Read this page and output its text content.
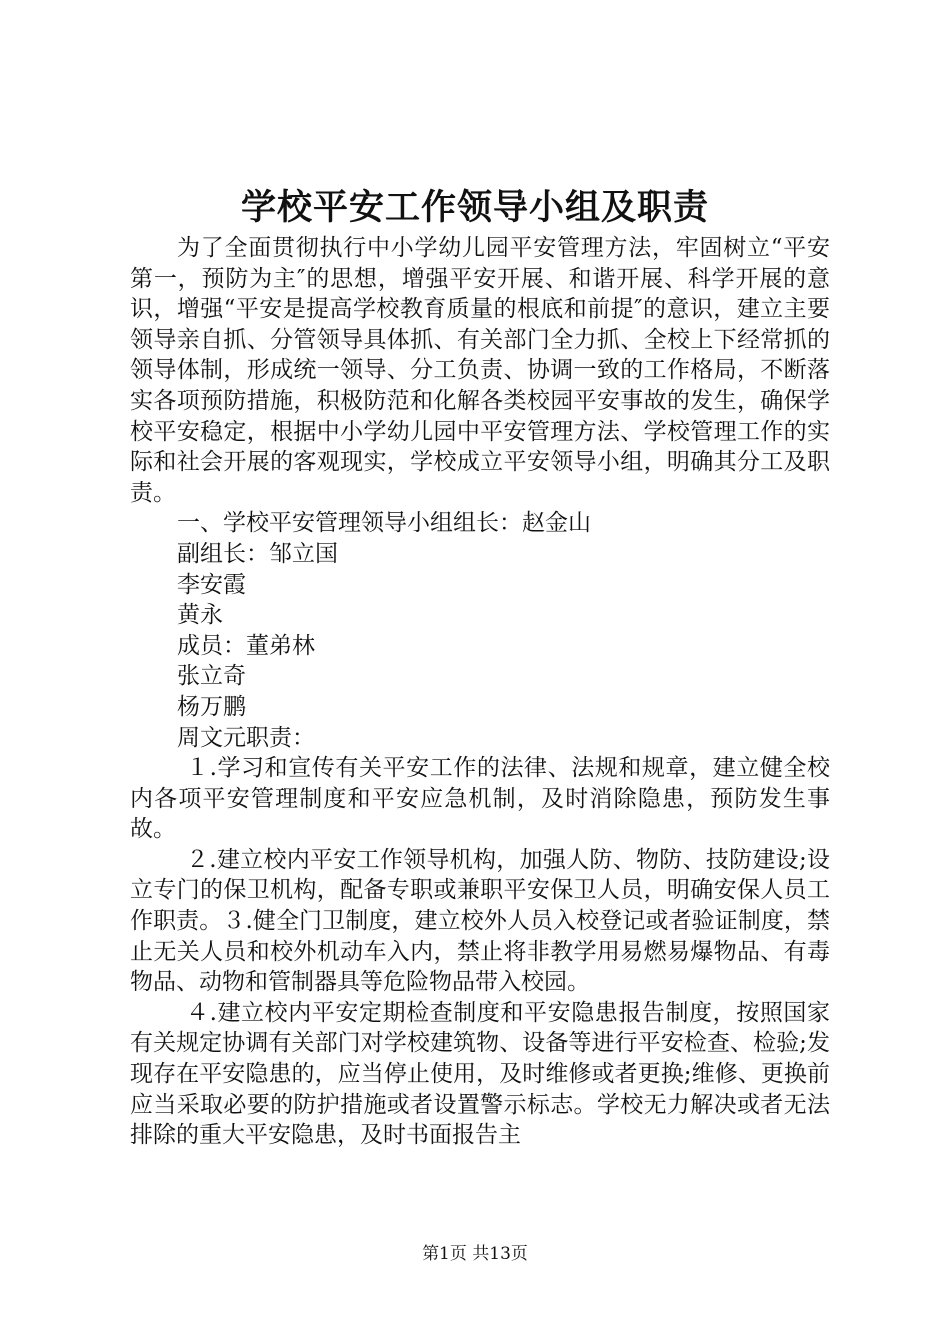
学校平安工作领导小组及职责

为了全面贯彻执行中小学幼儿园平安管理方法，牢固树立“平安第一，预防为主″的思想，增强平安开展、和谐开展、科学开展的意识，增强“平安是提高学校教育质量的根底和前提″的意识，建立主要领导亲自抓、分管领导具体抓、有关部门全力抓、全校上下经常抓的领导体制，形成统一领导、分工负责、协调一致的工作格局，不断落实各项预防措施，积极防范和化解各类校园平安事故的发生，确保学校平安稳定，根据中小学幼儿园中平安管理方法、学校管理工作的实际和社会开展的客观现实，学校成立平安领导小组，明确其分工及职责。

一、学校平安管理领导小组组长：赵金山

副组长：邹立国

李安霞

黄永

成员：董弟林

张立奇

杨万鹏

周文元职责：

１.学习和宣传有关平安工作的法律、法规和规章，建立健全校内各项平安管理制度和平安应急机制，及时消除隐患，预防发生事故。

２.建立校内平安工作领导机构，加强人防、物防、技防建设;设立专门的保卫机构，配备专职或兼职平安保卫人员，明确安保人员工作职责。３.健全门卫制度，建立校外人员入校登记或者验证制度，禁止无关人员和校外机动车入内，禁止将非教学用易燃易爆物品、有毒物品、动物和管制器具等危险物品带入校园。

４.建立校内平安定期检查制度和平安隐患报告制度，按照国家有关规定协调有关部门对学校建筑物、设备等进行平安检查、检验;发现存在平安隐患的，应当停止使用，及时维修或者更换;维修、更换前应当采取必要的防护措施或者设置警示标志。学校无力解决或者无法排除的重大平安隐患，及时书面报告主

第1页 共13页
